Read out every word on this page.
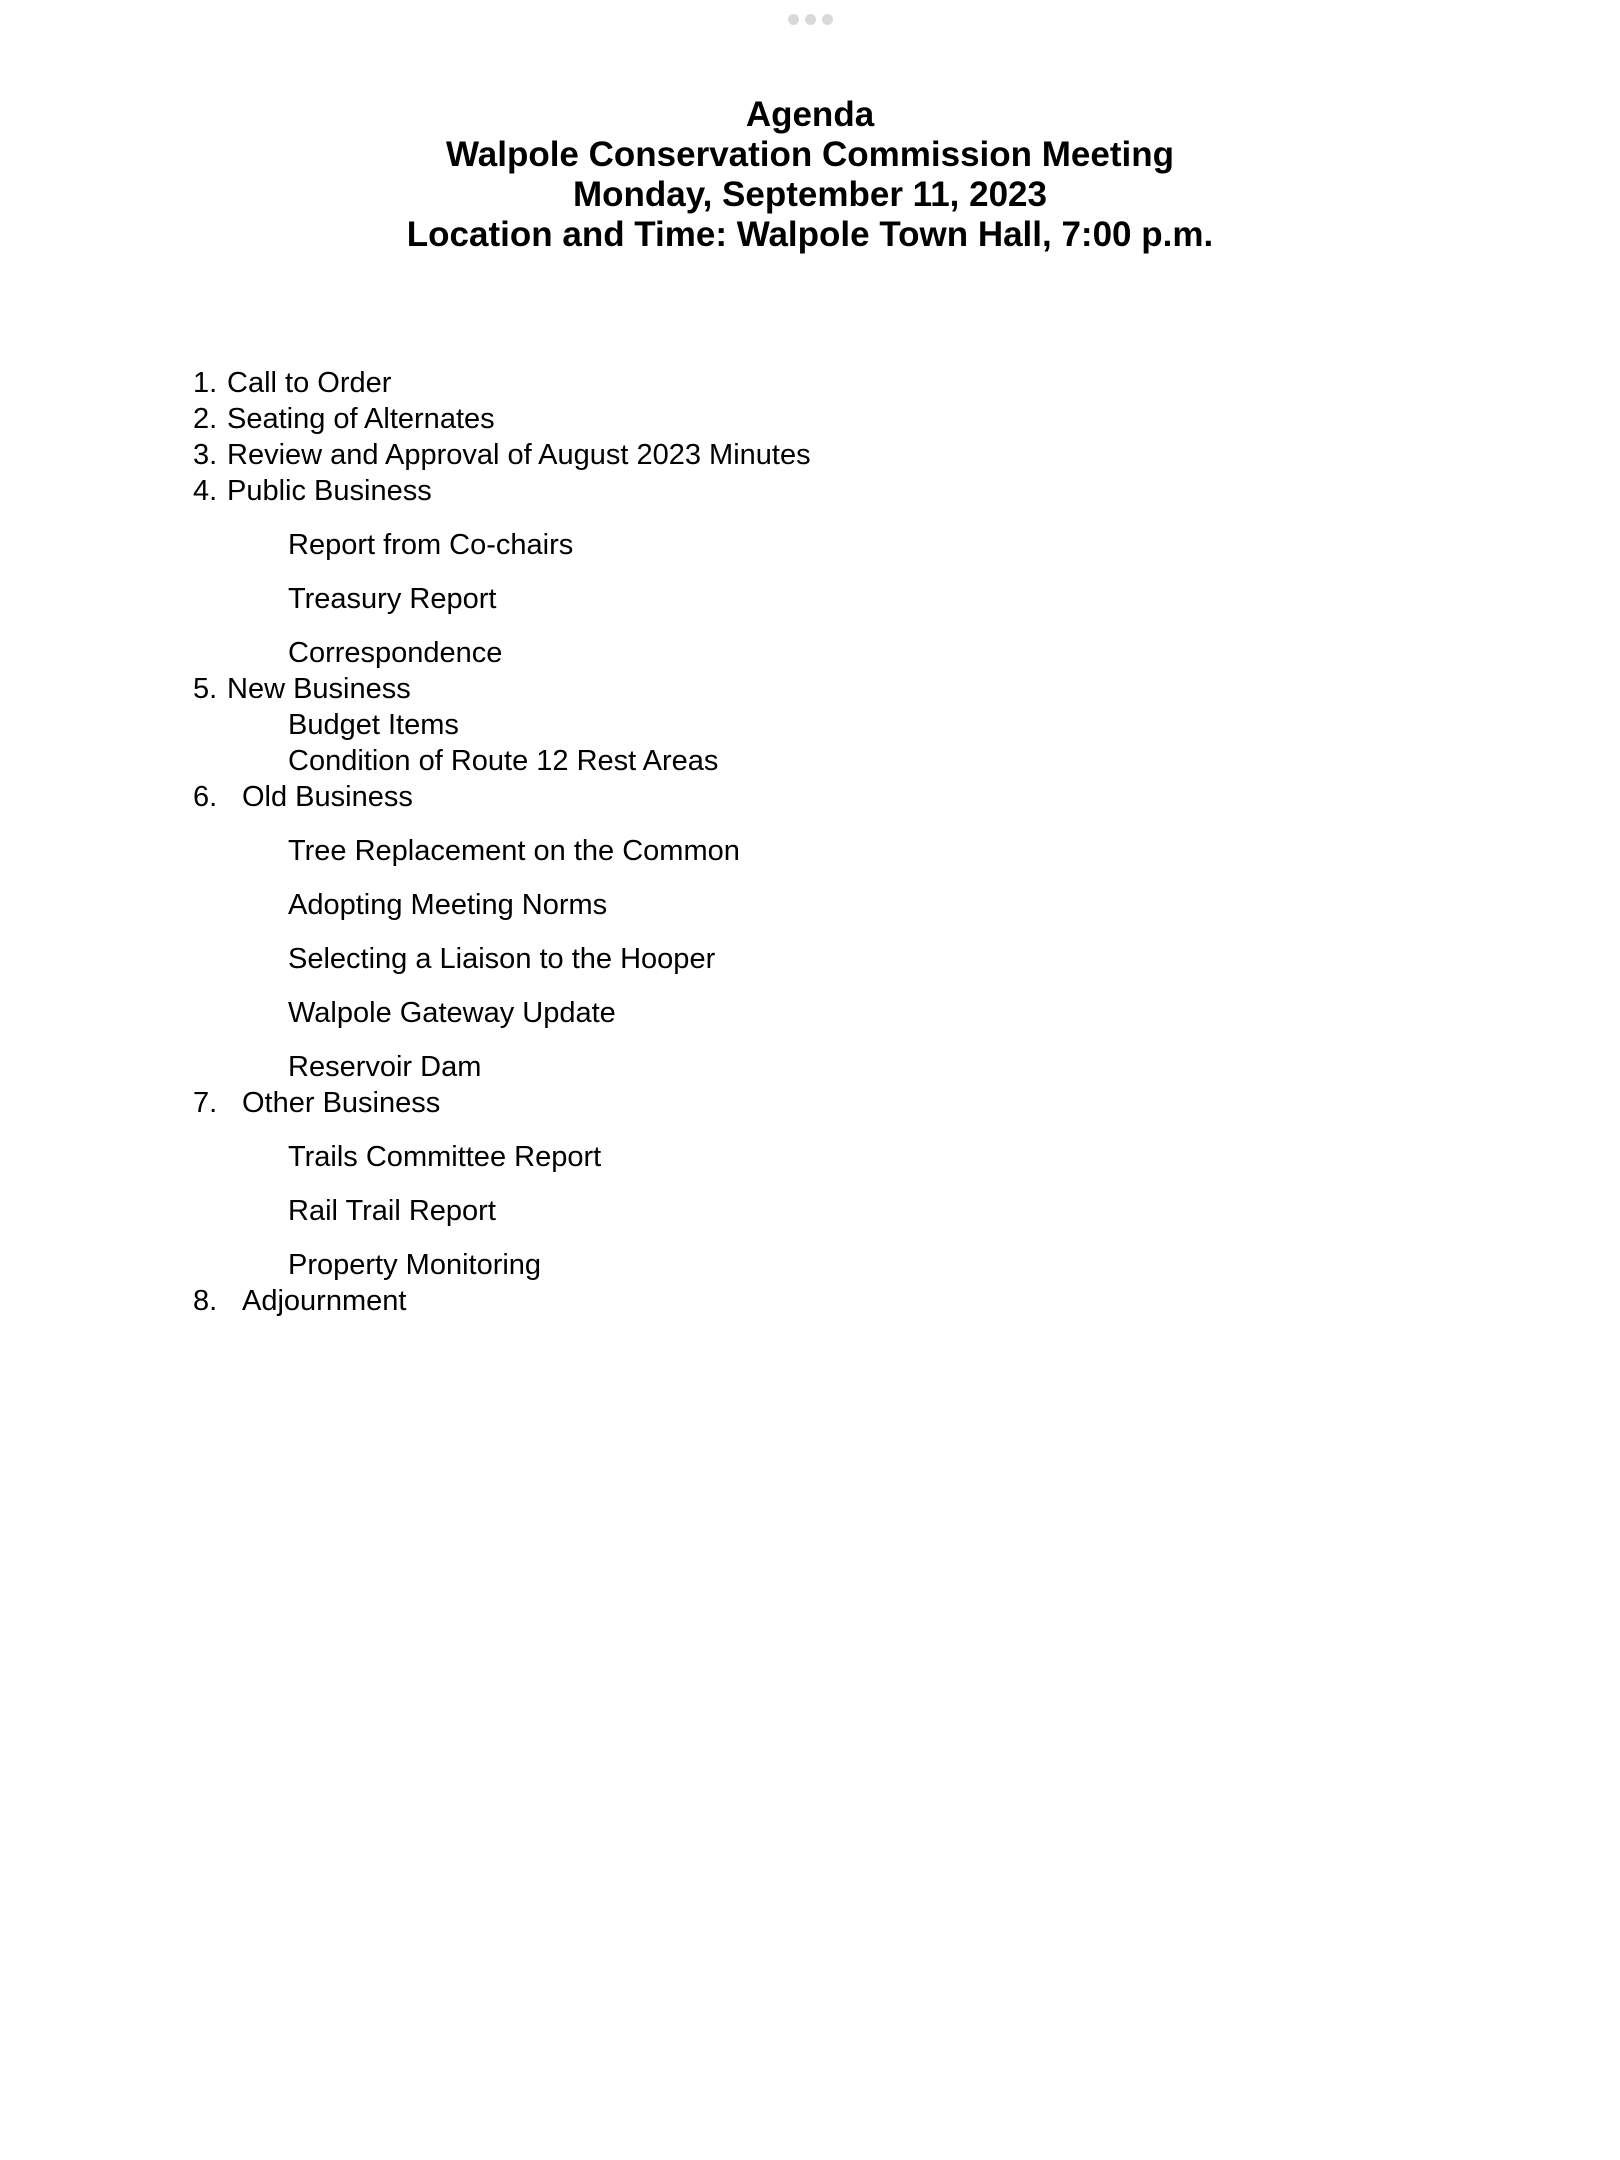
Agenda
Walpole Conservation Commission Meeting
Monday, September 11, 2023
Location and Time: Walpole Town Hall, 7:00 p.m.
1. Call to Order
2. Seating of Alternates
3. Review and Approval of August 2023 Minutes
4. Public Business
Report from Co-chairs
Treasury Report
Correspondence
5. New Business
Budget Items
Condition of Route 12 Rest Areas
6. Old Business
Tree Replacement on the Common
Adopting Meeting Norms
Selecting a Liaison to the Hooper
Walpole Gateway Update
Reservoir Dam
7. Other Business
Trails Committee Report
Rail Trail Report
Property Monitoring
8. Adjournment
